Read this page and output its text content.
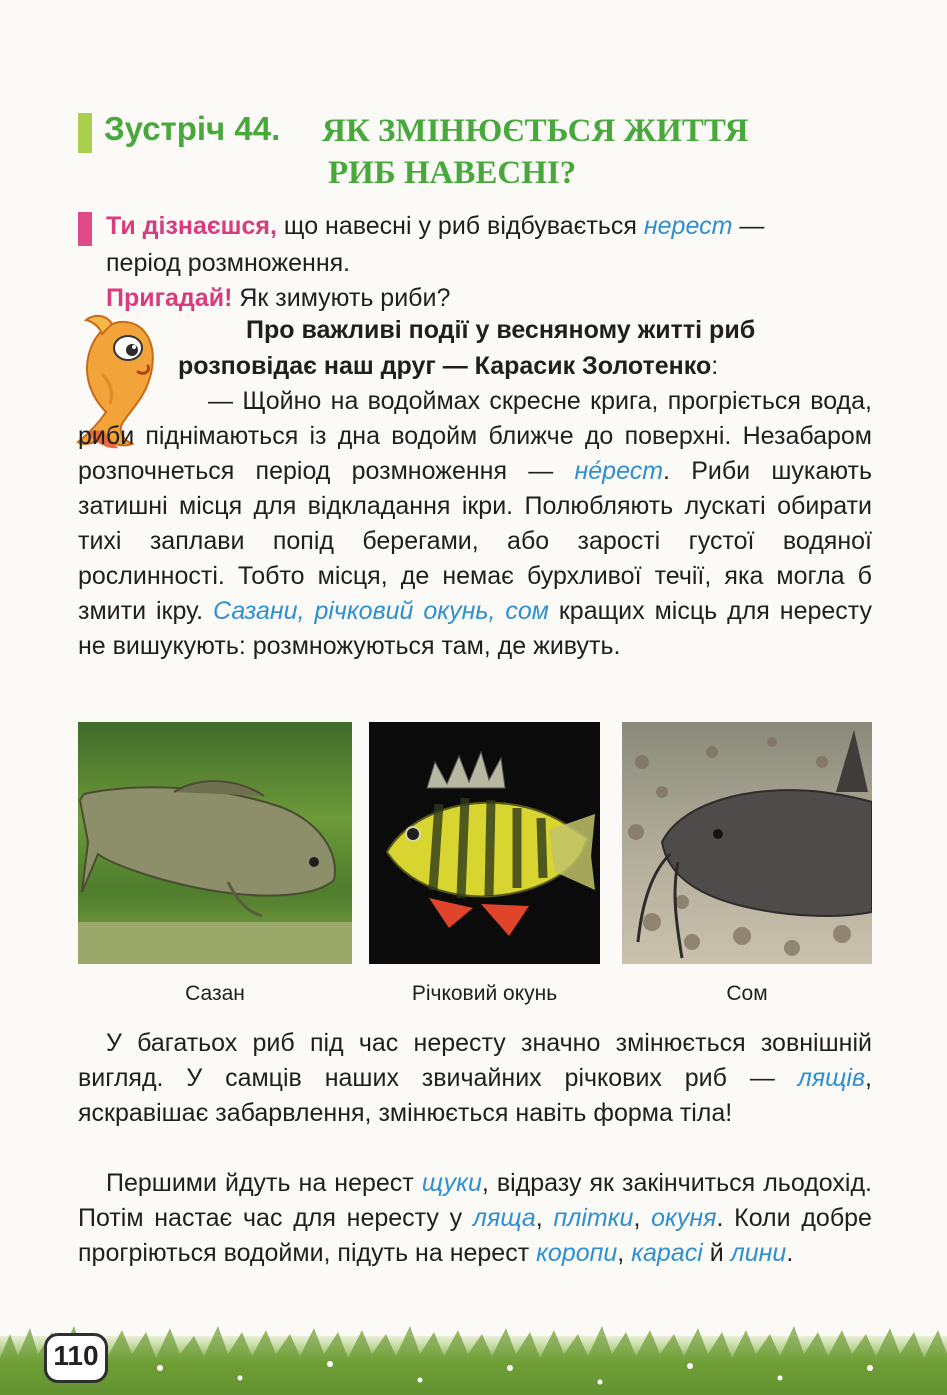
Зустріч 44. ЯК ЗМІНЮЄТЬСЯ ЖИТТЯ
РИБ НАВЕСНІ?
Ти дізнаєшся, що навесні у риб відбувається нерест —
період розмноження.
Пригадай! Як зимують риби?
Про важливі події у весняному житті риб
розповідає наш друг — Карасик Золотенко:
— Щойно на водоймах скресне крига, прогріється вода, риби піднімаються із дна водойм ближче до поверхні. Незабаром розпочнеться період розмноження — не́рест. Риби шукають затишні місця для відкладання ікри. Полюбляють лускаті обирати тихі заплави попід берегами, або зарості густої водяної рослинності. Тобто місця, де немає бурхливої течії, яка могла б змити ікру. Сазани, річковий окунь, сом кращих місць для нересту не вишукують: розмножуються там, де живуть.
Сазан	Річковий окунь	Сом
У багатьох риб під час нересту значно змінюється зовнішній вигляд. У самців наших звичайних річкових риб — лящів, яскравішає забарвлення, змінюється навіть форма тіла!
Першими йдуть на нерест щуки, відразу як закінчиться льодохід. Потім настає час для нересту у ляща, плітки, окуня. Коли добре прогріються водойми, підуть на нерест коропи, карасі й лини.
110
